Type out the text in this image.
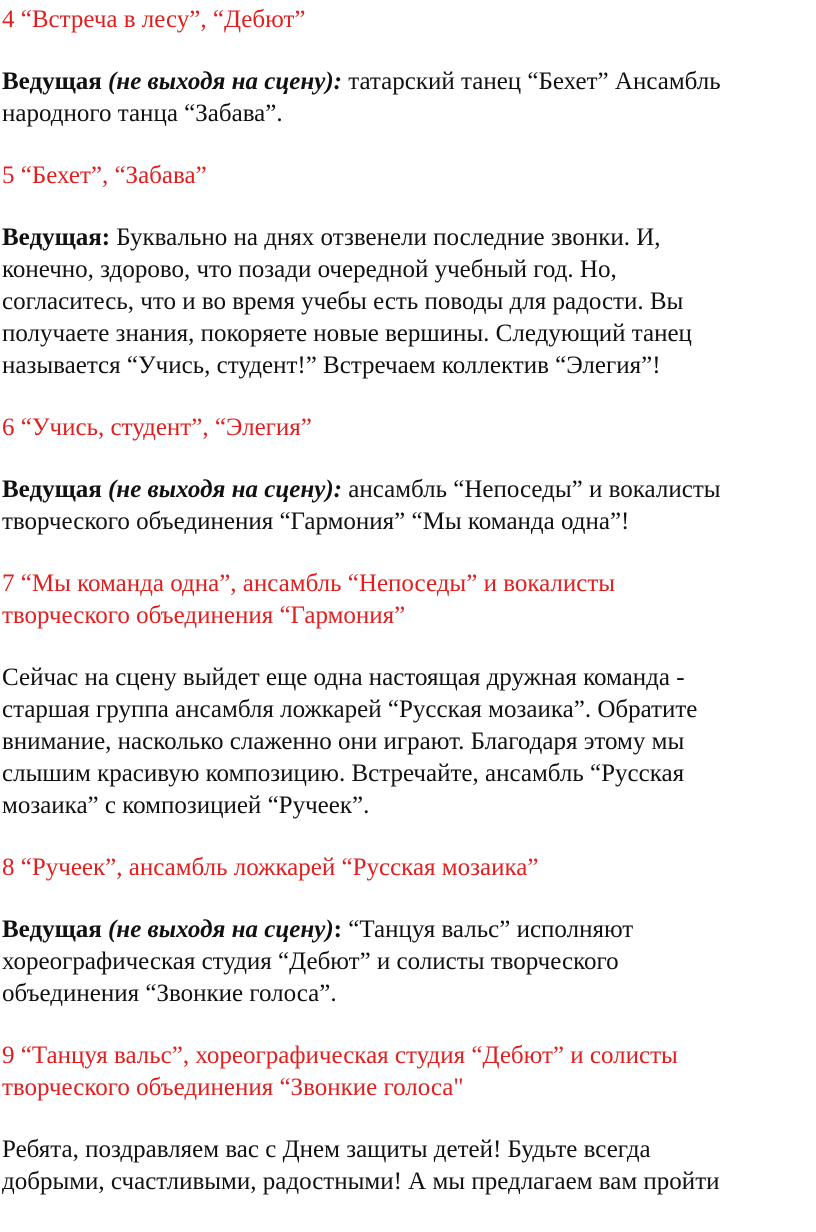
4 “Встреча в лесу”, “Дебют”
Ведущая (не выходя на сцену): татарский танец “Бехет” Ансамбль
народного танца “Забава”.
5 “Бехет”, “Забава”
Ведущая: Буквально на днях отзвенели последние звонки. И,
конечно, здорово, что позади очередной учебный год. Но,
согласитесь, что и во время учебы есть поводы для радости. Вы
получаете знания, покоряете новые вершины. Следующий танец
называется “Учись, студент!” Встречаем коллектив “Элегия”!
6 “Учись, студент”, “Элегия”
Ведущая (не выходя на сцену): ансамбль “Непоседы” и вокалисты
творческого объединения “Гармония” “Мы команда одна”!
7 “Мы команда одна”, ансамбль “Непоседы” и вокалисты
творческого объединения “Гармония”
Сейчас на сцену выйдет еще одна настоящая дружная команда -
старшая группа ансамбля ложкарей “Русская мозаика”. Обратите
внимание, насколько слаженно они играют. Благодаря этому мы
слышим красивую композицию. Встречайте, ансамбль “Русская
мозаика” с композицией “Ручеек”.
8 “Ручеек”, ансамбль ложкарей “Русская мозаика”
Ведущая (не выходя на сцену): “Танцуя вальс” исполняют
хореографическая студия “Дебют” и солисты творческого
объединения “Звонкие голоса”.
9 “Танцуя вальс”, хореографическая студия “Дебют” и солисты
творческого объединения “Звонкие голоса"
Ребята, поздравляем вас с Днем защиты детей! Будьте всегда
добрыми, счастливыми, радостными! А мы предлагаем вам пройти
